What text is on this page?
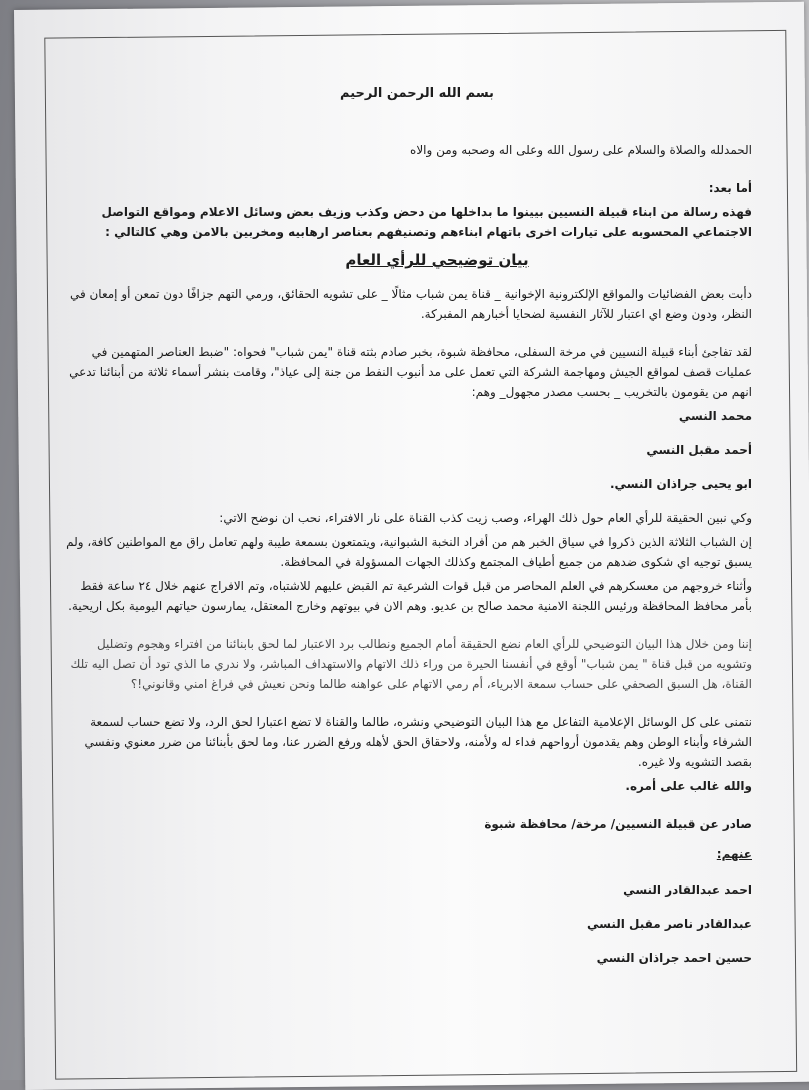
بسم الله الرحمن الرحيم

الحمدلله والصلاة والسلام على رسول الله وعلى اله وصحبه ومن والاه

أما بعد:

فهذه رسالة من ابناء قبيلة النسيين بيينوا ما بداخلها من دحض وكذب وزيف بعض وسائل الاعلام ومواقع التواصل الاجتماعي المحسوبه على تيارات اخرى باتهام ابناءهم وتصنيفهم بعناصر ارهابيه ومخربين بالامن وهي كالتالي :

بيان توضيحي للرأي العام

دأبت بعض الفضائيات والمواقع الإلكترونية الإخوانية _ قناة يمن شباب مثالًا _ على تشويه الحقائق، ورمي التهم جزافًا دون تمعن أو إمعان في النظر، ودون وضع اي اعتبار للآثار النفسية لضحايا أخبارهم المفبركة.

لقد تفاجئ أبناء قبيلة النسيين في مرخة السفلى، محافظة شبوة، بخبر صادم بثته قناة "يمن شباب" فحواه: "ضبط العناصر المتهمين في عمليات قصف لمواقع الجيش ومهاجمة الشركة التي تعمل على مد أنبوب النفط من جنة إلى عياذ"، وقامت بنشر أسماء ثلاثة من أبنائنا تدعي انهم من يقومون بالتخريب _ بحسب مصدر مجهول_ وهم:

محمد النسي

أحمد مقبل النسي

ابو يحيى جراذان النسي.

وكي نبين الحقيقة للرأي العام حول ذلك الهراء، وصب زيت كذب القناة على نار الافتراء، نحب ان نوضح الاتي:

إن الشباب الثلاثة الذين ذكروا في سياق الخبر هم من أفراد النخبة الشبوانية، ويتمتعون بسمعة طيبة ولهم تعامل راق مع المواطنين كافة، ولم يسبق توجيه اي شكوى ضدهم من جميع أطياف المجتمع وكذلك الجهات المسؤولة في المحافظة.

وأثناء خروجهم من معسكرهم في العلم المحاصر من قبل قوات الشرعية تم القبض عليهم للاشتباه، وتم الافراج عنهم خلال ٢٤ ساعة فقط بأمر محافظ المحافظة ورئيس اللجنة الامنية محمد صالح بن عديو. وهم الان في بيوتهم وخارج المعتقل، يمارسون حياتهم اليومية بكل اريحية.

إننا ومن خلال هذا البيان التوضيحي للرأي العام نضع الحقيقة أمام الجميع ونطالب برد الاعتبار لما لحق بابنائنا من افتراء وهجوم وتضليل وتشويه من قبل قناة " يمن شباب" أوقع في أنفسنا الحيرة من وراء ذلك الاتهام والاستهداف المباشر، ولا ندري ما الذي تود أن تصل اليه تلك القناة، هل السبق الصحفي على حساب سمعة الابرياء، أم رمي الاتهام على عواهنه طالما ونحن نعيش في فراغ امني وقانوني!؟

نتمنى على كل الوسائل الإعلامية التفاعل مع هذا البيان التوضيحي ونشره، طالما والقناة لا تضع اعتبارا لحق الرد، ولا تضع حساب لسمعة الشرفاء وأبناء الوطن وهم يقدمون أرواحهم فداء له ولأمنه، ولاحقاق الحق لأهله ورفع الضرر عنا، وما لحق بأبنائنا من ضرر معنوي ونفسي بقصد التشويه ولا غيره.

والله غالب على أمره.

صادر عن قبيلة النسيين/ مرخة/ محافظة شبوة

عنهم:

احمد عبدالقادر النسي

عبدالقادر ناصر مقبل النسي

حسين احمد جراذان النسي
